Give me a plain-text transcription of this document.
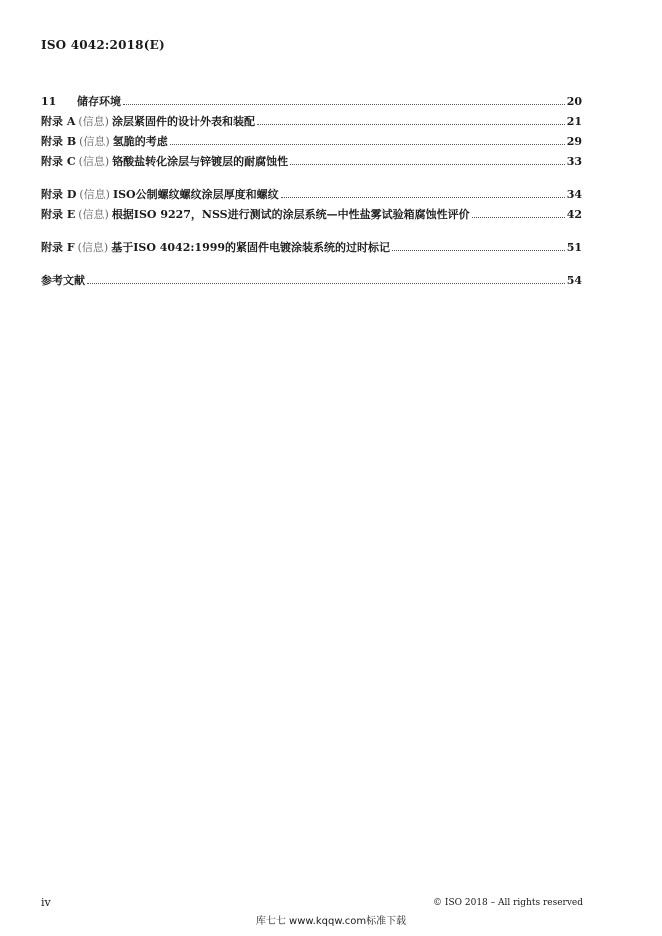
ISO 4042:2018(E)
11	储存环境	20
附录 A (信息) 涂层紧固件的设计外表和装配	21
附录 B (信息) 氢脆的考虑	29
附录 C (信息) 铬酸盐转化涂层与锌镀层的耐腐蚀性	33
附录 D (信息) ISO公制螺纹螺纹涂层厚度和螺纹	34
附录 E (信息) 根据ISO 9227，NSS进行测试的涂层系统—中性盐雾试验箱腐蚀性评价	42
附录 F (信息) 基于ISO 4042:1999的紧固件电镀涂装系统的过时标记	51
参考文献	54
iv	© ISO 2018 – All rights reserved
库七七 www.kqqw.com标准下载
